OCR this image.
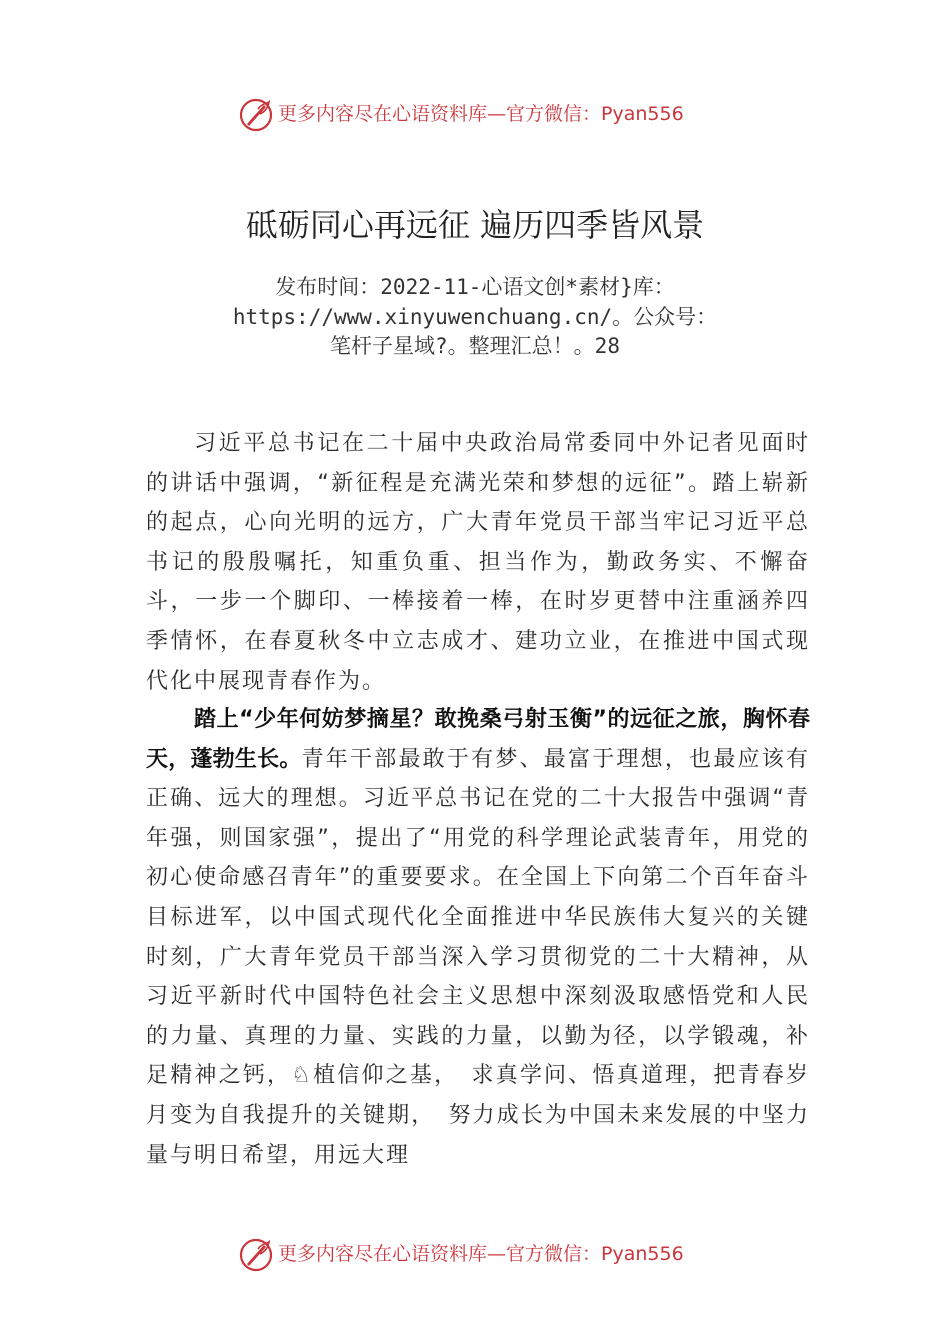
更多内容尽在心语资料库—官方微信：Pyan556
砥砺同心再远征 遍历四季皆风景
发布时间：2022-11-心语文创*素材}库：
https://www.xinyuwenchuang.cn/。公众号：
笔杆子星域?。整理汇总！。28
习近平总书记在二十届中央政治局常委同中外记者见面时的讲话中强调，“新征程是充满光荣和梦想的远征”。踏上崭新的起点，心向光明的远方，广大青年党员干部当牢记习近平总书记的殷殷嘱托，知重负重、担当作为，勤政务实、不懈奋斗，一步一个脚印、一棒接着一棒，在时岁更替中注重涵养四季情怀，在春夏秋冬中立志成才、建功立业，在推进中国式现代化中展现青春作为。
踏上“少年何妨梦摘星？敢挽桑弓射玉衡”的远征之旅，胸怀春天，蓬勃生长。青年干部最敢于有梦、最富于理想，也最应该有正确、远大的理想。习近平总书记在党的二十大报告中强调“青年强，则国家强”，提出了“用党的科学理论武装青年，用党的初心使命感召青年”的重要要求。在全国上下向第二个百年奋斗目标进军，以中国式现代化全面推进中华民族伟大复兴的关键时刻，广大青年党员干部当深入学习贯彻党的二十大精神，从习近平新时代中国特色社会主义思想中深刻汲取感悟党和人民的力量、真理的力量、实践的力量，以勤为径，以学锻魂，补足精神之钙，♘植信仰之基，　求真学问、悟真道理，把青春岁月变为自我提升的关键期，　努力成长为中国未来发展的中坚力量与明日希望，用远大理
更多内容尽在心语资料库—官方微信：Pyan556
